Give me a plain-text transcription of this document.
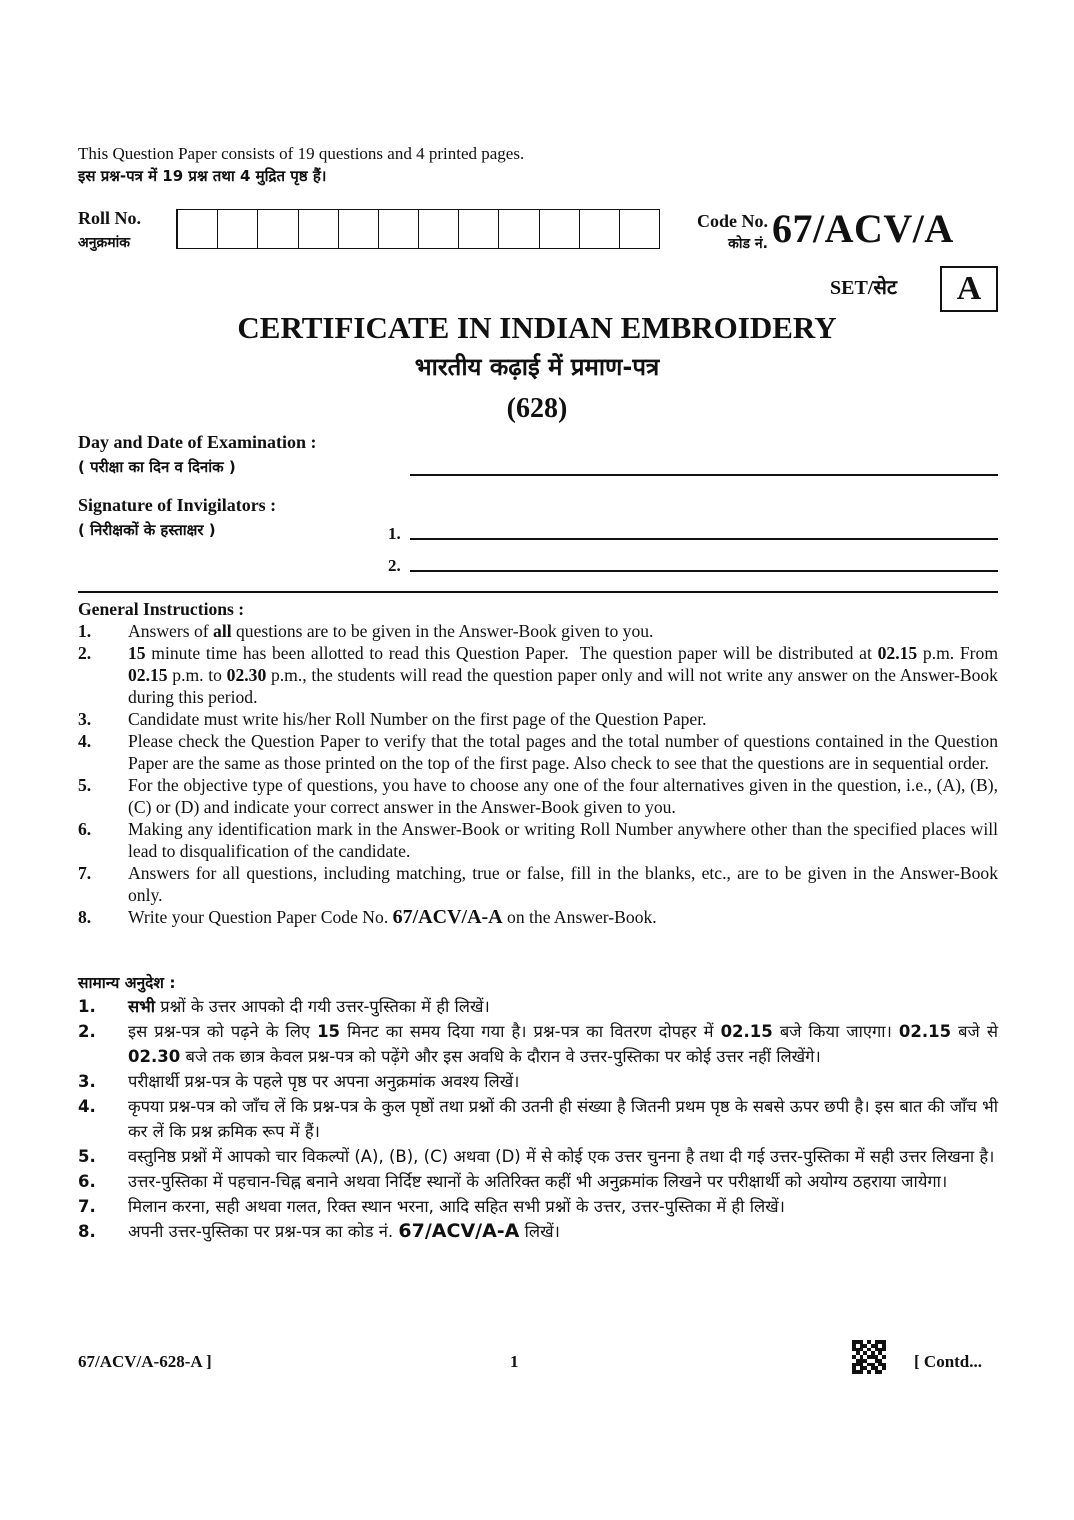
This Question Paper consists of 19 questions and 4 printed pages.
इस प्रश्न-पत्र में 19 प्रश्न तथा 4 मुद्रित पृष्ठ हैं।
Roll No.
अनुक्रमांक
Code No.
कोड नं. 67/ACV/A
SET/सेट	A
CERTIFICATE IN INDIAN EMBROIDERY
भारतीय कढ़ाई में प्रमाण-पत्र
(628)
Day and Date of Examination :
( परीक्षा का दिन व दिनांक )
Signature of Invigilators :
( निरीक्षकों के हस्ताक्षर )	1.
2.
General Instructions :
1.	Answers of all questions are to be given in the Answer-Book given to you.
2.	15 minute time has been allotted to read this Question Paper.  The question paper will be distributed at 02.15 p.m. From 02.15 p.m. to 02.30 p.m., the students will read the question paper only and will not write any answer on the Answer-Book during this period.
3.	Candidate must write his/her Roll Number on the first page of the Question Paper.
4.	Please check the Question Paper to verify that the total pages and the total number of questions contained in the Question Paper are the same as those printed on the top of the first page. Also check to see that the questions are in sequential order.
5.	For the objective type of questions, you have to choose any one of the four alternatives given in the question, i.e., (A), (B), (C) or (D) and indicate your correct answer in the Answer-Book given to you.
6.	Making any identification mark in the Answer-Book or writing Roll Number anywhere other than the specified places will lead to disqualification of the candidate.
7.	Answers for all questions, including matching, true or false, fill in the blanks, etc., are to be given in the Answer-Book only.
8.	Write your Question Paper Code No. 67/ACV/A-A on the Answer-Book.
सामान्य अनुदेश :
1.	सभी प्रश्नों के उत्तर आपको दी गयी उत्तर-पुस्तिका में ही लिखें।
2.	इस प्रश्न-पत्र को पढ़ने के लिए 15 मिनट का समय दिया गया है। प्रश्न-पत्र का वितरण दोपहर में 02.15 बजे किया जाएगा। 02.15 बजे से 02.30 बजे तक छात्र केवल प्रश्न-पत्र को पढ़ेंगे और इस अवधि के दौरान वे उत्तर-पुस्तिका पर कोई उत्तर नहीं लिखेंगे।
3.	परीक्षार्थी प्रश्न-पत्र के पहले पृष्ठ पर अपना अनुक्रमांक अवश्य लिखें।
4.	कृपया प्रश्न-पत्र को जाँच लें कि प्रश्न-पत्र के कुल पृष्ठों तथा प्रश्नों की उतनी ही संख्या है जितनी प्रथम पृष्ठ के सबसे ऊपर छपी है। इस बात की जाँच भी कर लें कि प्रश्न क्रमिक रूप में हैं।
5.	वस्तुनिष्ठ प्रश्नों में आपको चार विकल्पों (A), (B), (C) अथवा (D) में से कोई एक उत्तर चुनना है तथा दी गई उत्तर-पुस्तिका में सही उत्तर लिखना है।
6.	उत्तर-पुस्तिका में पहचान-चिह्न बनाने अथवा निर्दिष्ट स्थानों के अतिरिक्त कहीं भी अनुक्रमांक लिखने पर परीक्षार्थी को अयोग्य ठहराया जायेगा।
7.	मिलान करना, सही अथवा गलत, रिक्त स्थान भरना, आदि सहित सभी प्रश्नों के उत्तर, उत्तर-पुस्तिका में ही लिखें।
8.	अपनी उत्तर-पुस्तिका पर प्रश्न-पत्र का कोड नं. 67/ACV/A-A लिखें।
67/ACV/A-628-A ]	1	[ Contd...
